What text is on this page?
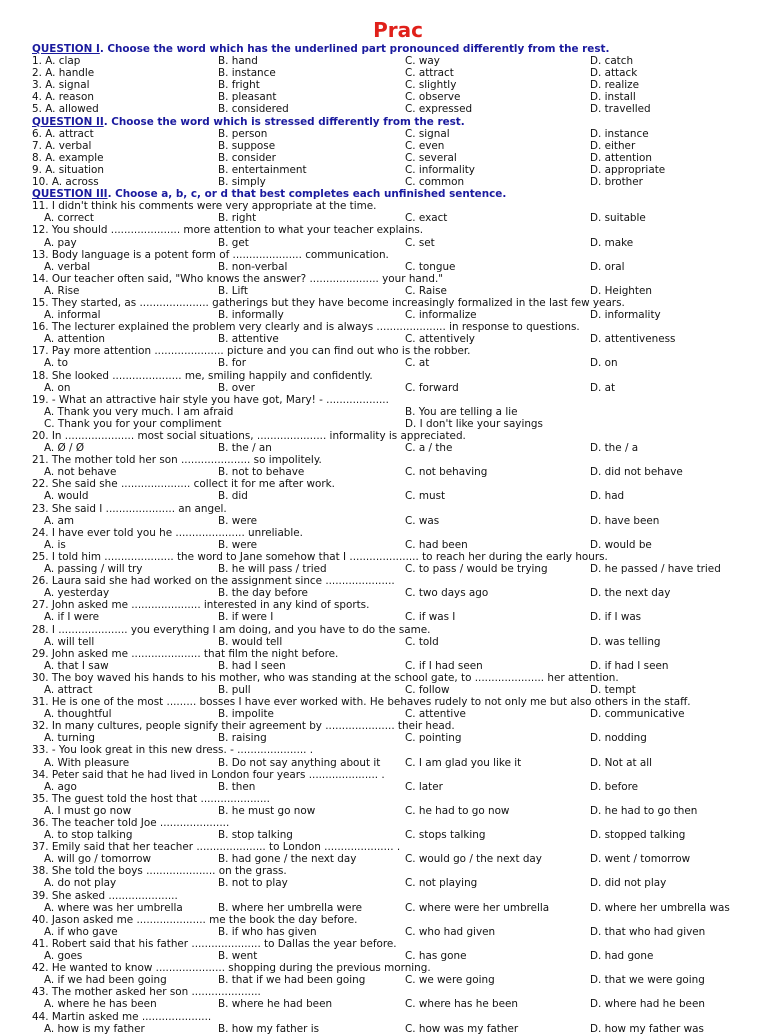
Prac
QUESTION I. Choose the word which has the underlined part pronounced differently from the rest.
1. A. clap	B. hand	C. way	D. catch
2. A. handle	B. instance	C. attract	D. attack
3. A. signal	B. fright	C. slightly	D. realize
4. A. reason	B. pleasant	C. observe	D. install
5. A. allowed	B. considered	C. expressed	D. travelled
QUESTION II. Choose the word which is stressed differently from the rest.
6. A. attract	B. person	C. signal	D. instance
7. A. verbal	B. suppose	C. even	D. either
8. A. example	B. consider	C. several	D. attention
9. A. situation	B. entertainment	C. informality	D. appropriate
10. A. across	B. simply	C. common	D. brother
QUESTION III. Choose a, b, c, or d that best completes each unfinished sentence.
11. I didn't think his comments were very appropriate at the time.
A. correct	B. right	C. exact	D. suitable
12. You should ..................... more attention to what your teacher explains.
A. pay	B. get	C. set	D. make
13. Body language is a potent form of ..................... communication.
A. verbal	B. non-verbal	C. tongue	D. oral
14. Our teacher often said, "Who knows the answer? ..................... your hand."
A. Rise	B. Lift	C. Raise	D. Heighten
15. They started, as ..................... gatherings but they have become increasingly formalized in the last few years.
A. informal	B. informally	C. informalize	D. informality
16. The lecturer explained the problem very clearly and is always ..................... in response to questions.
A. attention	B. attentive	C. attentively	D. attentiveness
17. Pay more attention ..................... picture and you can find out who is the robber.
A. to	B. for	C. at	D. on
18. She looked ..................... me, smiling happily and confidently.
A. on	B. over	C. forward	D. at
19. - What an attractive hair style you have got, Mary! - ...................
A. Thank you very much. I am afraid	B. You are telling a lie
C. Thank you for your compliment	D. I don't like your sayings
20. In ..................... most social situations, ..................... informality is appreciated.
A. Ø / Ø	B. the / an	C. a / the	D. the / a
21. The mother told her son ..................... so impolitely.
A. not behave	B. not to behave	C. not behaving	D. did not behave
22. She said she ..................... collect it for me after work.
A. would	B. did	C. must	D. had
23. She said I ..................... an angel.
A. am	B. were	C. was	D. have been
24. I have ever told you he ..................... unreliable.
A. is	B. were	C. had been	D. would be
25. I told him ..................... the word to Jane somehow that I ..................... to reach her during the early hours.
A. passing / will try	B. he will pass / tried	C. to pass / would be trying	D. he passed / have tried
26. Laura said she had worked on the assignment since .....................
A. yesterday	B. the day before	C. two days ago	D. the next day
27. John asked me ..................... interested in any kind of sports.
A. if I were	B. if were I	C. if was I	D. if I was
28. I ..................... you everything I am doing, and you have to do the same.
A. will tell	B. would tell	C. told	D. was telling
29. John asked me ..................... that film the night before.
A. that I saw	B. had I seen	C. if I had seen	D. if had I seen
30. The boy waved his hands to his mother, who was standing at the school gate, to ..................... her attention.
A. attract	B. pull	C. follow	D. tempt
31. He is one of the most ......... bosses I have ever worked with. He behaves rudely to not only me but also others in the staff.
A. thoughtful	B. impolite	C. attentive	D. communicative
32. In many cultures, people signify their agreement by ..................... their head.
A. turning	B. raising	C. pointing	D. nodding
33. - You look great in this new dress. - ..................... .
A. With pleasure	B. Do not say anything about it C. I am glad you like it	D. Not at all
34. Peter said that he had lived in London four years ..................... .
A. ago	B. then	C. later	D. before
35. The guest told the host that .....................
A. I must go now	B. he must go now	C. he had to go now	D. he had to go then
36. The teacher told Joe .....................
A. to stop talking	B. stop talking	C. stops talking	D. stopped talking
37. Emily said that her teacher ..................... to London ..................... .
A. will go / tomorrow	B. had gone / the next day	C. would go / the next day	D. went / tomorrow
38. She told the boys ..................... on the grass.
A. do not play	B. not to play	C. not playing	D. did not play
39. She asked .....................
A. where was her umbrella	B. where her umbrella were	C. where were her umbrella	D. where her umbrella was
40. Jason asked me ..................... me the book the day before.
A. if who gave	B. if who has given	C. who had given	D. that who had given
41. Robert said that his father ..................... to Dallas the year before.
A. goes	B. went	C. has gone	D. had gone
42. He wanted to know ..................... shopping during the previous morning.
A. if we had been going	B. that if we had been going	C. we were going	D. that we were going
43. The mother asked her son .....................
A. where he has been	B. where he had been	C. where has he been	D. where had he been
44. Martin asked me .....................
A. how is my father	B. how my father is	C. how was my father	D. how my father was
